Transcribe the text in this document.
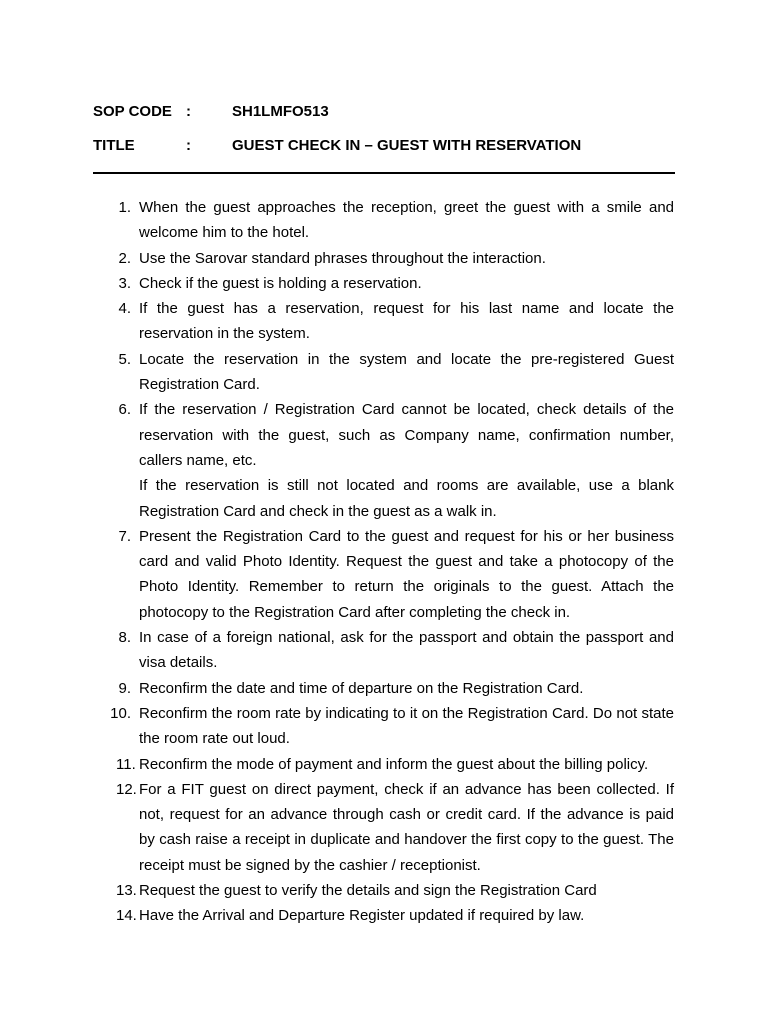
SOP CODE :	SH1LMFO513
TITLE	:	GUEST CHECK IN – GUEST WITH RESERVATION
1. When the guest approaches the reception, greet the guest with a smile and welcome him to the hotel.
2. Use the Sarovar standard phrases throughout the interaction.
3. Check if the guest is holding a reservation.
4. If the guest has a reservation, request for his last name and locate the reservation in the system.
5. Locate the reservation in the system and locate the pre-registered Guest Registration Card.
6. If the reservation / Registration Card cannot be located, check details of the reservation with the guest, such as Company name, confirmation number, callers name, etc.
If the reservation is still not located and rooms are available, use a blank Registration Card and check in the guest as a walk in.
7. Present the Registration Card to the guest and request for his or her business card and valid Photo Identity. Request the guest and take a photocopy of the Photo Identity. Remember to return the originals to the guest. Attach the photocopy to the Registration Card after completing the check in.
8. In case of a foreign national, ask for the passport and obtain the passport and visa details.
9. Reconfirm the date and time of departure on the Registration Card.
10. Reconfirm the room rate by indicating to it on the Registration Card. Do not state the room rate out loud.
11. Reconfirm the mode of payment and inform the guest about the billing policy.
12. For a FIT guest on direct payment, check if an advance has been collected. If not, request for an advance through cash or credit card. If the advance is paid by cash raise a receipt in duplicate and handover the first copy to the guest. The receipt must be signed by the cashier / receptionist.
13. Request the guest to verify the details and sign the Registration Card
14. Have the Arrival and Departure Register updated if required by law.
